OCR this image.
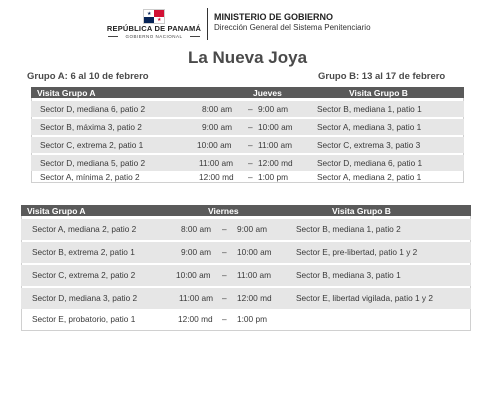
★
★
REPÚBLICA DE PANAMÁ
GOBIERNO NACIONAL
MINISTERIO DE GOBIERNO
Dirección General del Sistema Penitenciario
La Nueva Joya
Grupo A: 6 al 10 de febrero	Grupo B: 13 al 17 de febrero
Visita Grupo A	Jueves	Visita Grupo B
Sector D, mediana 6, patio 2	8:00 am – 9:00 am	Sector B, mediana 1, patio 1
Sector B, máxima 3, patio 2	9:00 am – 10:00 am	Sector A, mediana 3, patio 1
Sector C, extrema 2, patio 1	10:00 am – 11:00 am	Sector C, extrema 3, patio 3
Sector D, mediana 5, patio 2	11:00 am – 12:00 md	Sector D, mediana 6, patio 1
Sector A, mínima 2, patio 2	12:00 md – 1:00 pm	Sector A, mediana 2, patio 1
Visita Grupo A	Viernes	Visita Grupo B
Sector A, mediana 2, patio 2	8:00 am – 9:00 am	Sector B, mediana 1, patio 2
Sector B, extrema 2, patio 1	9:00 am – 10:00 am	Sector E, pre-libertad, patio 1 y 2
Sector C, extrema 2, patio 2	10:00 am – 11:00 am	Sector B, mediana 3, patio 1
Sector D, mediana 3, patio 2	11:00 am – 12:00 md	Sector E, libertad vigilada, patio 1 y 2
Sector E, probatorio, patio 1	12:00 md – 1:00 pm
